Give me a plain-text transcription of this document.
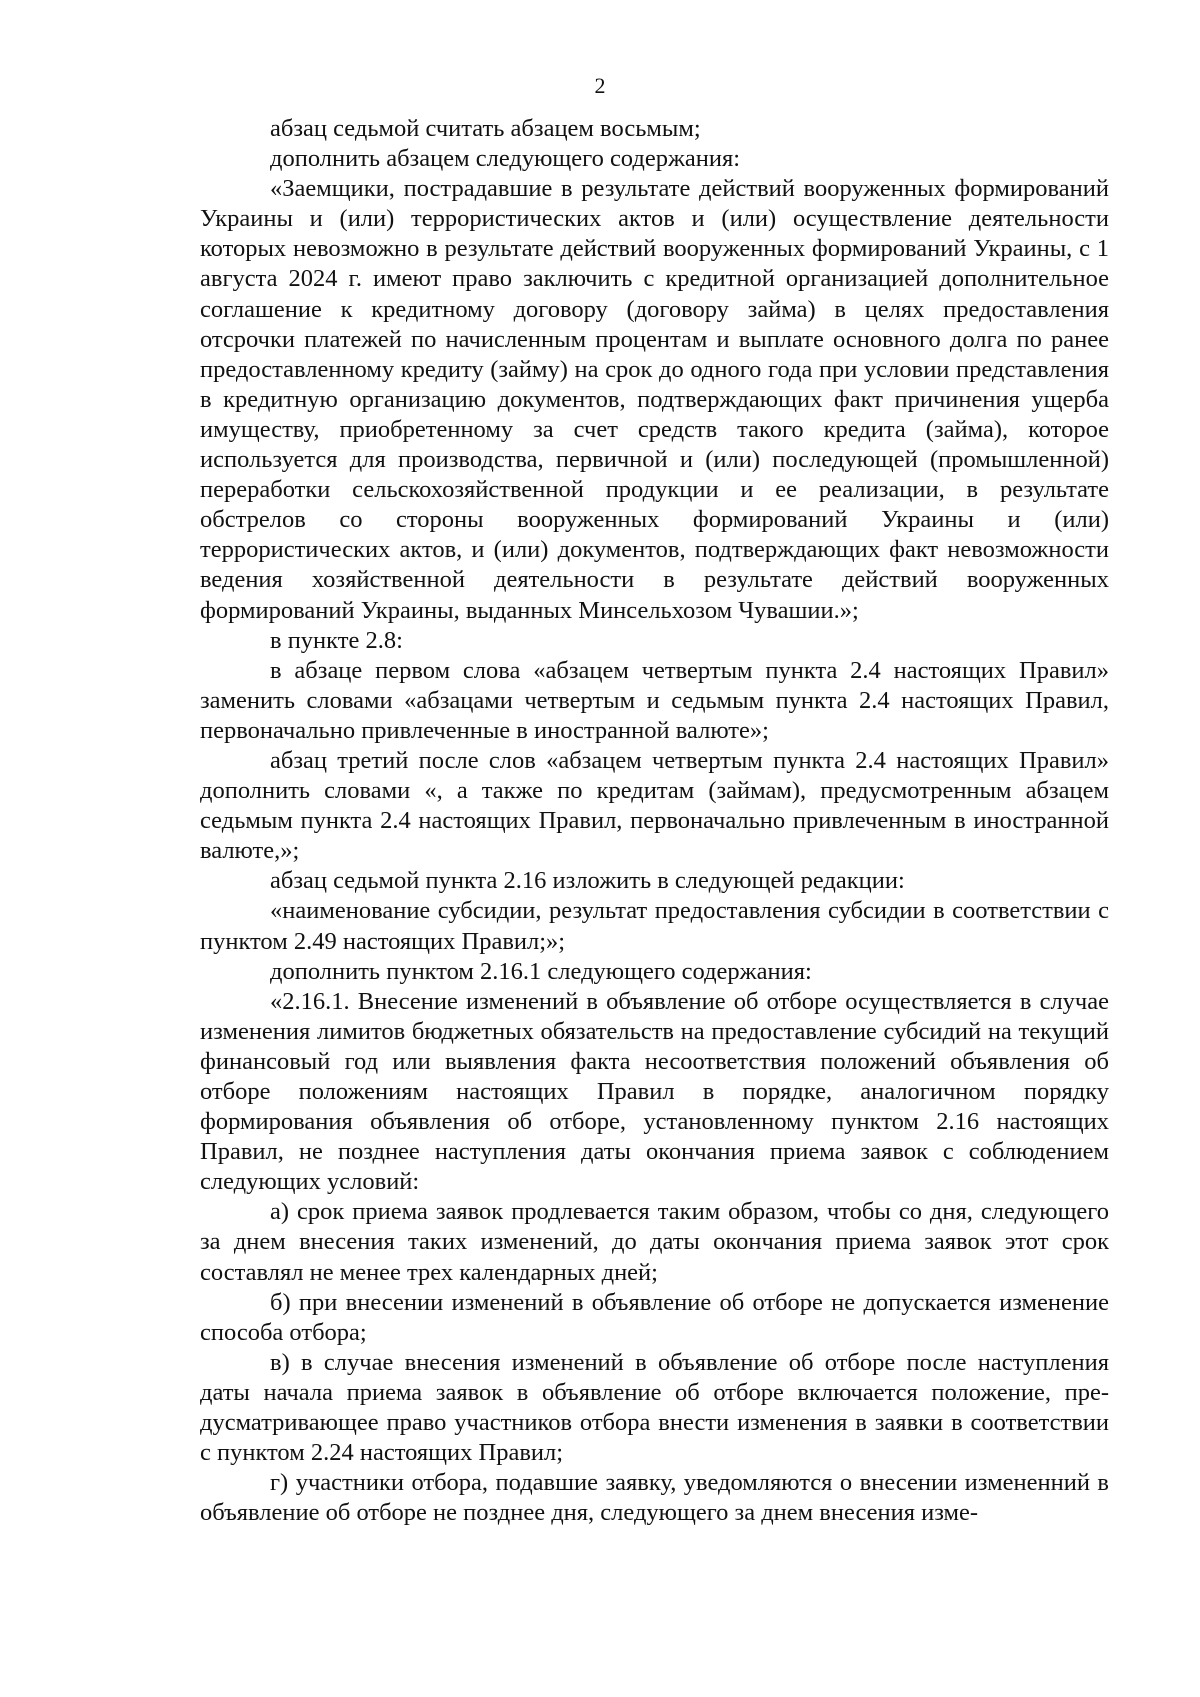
2

абзац седьмой считать абзацем восьмым;

дополнить абзацем следующего содержания:

«Заемщики, пострадавшие в результате действий вооруженных формирований Украины и (или) террористических актов и (или) осуществление деятельности которых невозможно в результате действий вооруженных формирований Украины, с 1 августа 2024 г. имеют право заключить с кредитной организацией дополнительное соглашение к кредитному договору (договору займа) в целях предоставления отсрочки платежей по начисленным процентам и выплате основного долга по ранее предоставленному кредиту (займу) на срок до одного года при условии представления в кредитную организацию документов, подтверждающих факт причинения ущерба имуществу, приобретенному за счет средств такого кредита (займа), которое используется для производства, первичной и (или) последующей (промышленной) переработки сельскохозяйственной продукции и ее реализации, в результате обстрелов со стороны вооруженных формирований Украины и (или) террористических актов, и (или) документов, подтверждающих факт невозможности ведения хозяйственной деятельности в результате действий вооруженных формирований Украины, выданных Минсельхозом Чувашии.»;

в пункте 2.8:

в абзаце первом слова «абзацем четвертым пункта 2.4 настоящих Правил» заменить словами «абзацами четвертым и седьмым пункта 2.4 настоящих Правил, первоначально привлеченные в иностранной валюте»;

абзац третий после слов «абзацем четвертым пункта 2.4 настоящих Правил» дополнить словами «, а также по кредитам (займам), предусмотренным абзацем седьмым пункта 2.4 настоящих Правил, первоначально привлеченным в иностранной валюте,»;

абзац седьмой пункта 2.16 изложить в следующей редакции:

«наименование субсидии, результат предоставления субсидии в соответствии с пунктом 2.49 настоящих Правил;»;

дополнить пунктом 2.16.1 следующего содержания:

«2.16.1. Внесение изменений в объявление об отборе осуществляется в случае изменения лимитов бюджетных обязательств на предоставление субсидий на текущий финансовый год или выявления факта несоответствия положений объявления об отборе положениям настоящих Правил в порядке, аналогичном порядку формирования объявления об отборе, установленному пунктом 2.16 настоящих Правил, не позднее наступления даты окончания приема заявок с соблюдением следующих условий:

а) срок приема заявок продлевается таким образом, чтобы со дня, следующего за днем внесения таких изменений, до даты окончания приема заявок этот срок составлял не менее трех календарных дней;

б) при внесении изменений в объявление об отборе не допускается изменение способа отбора;

в) в случае внесения изменений в объявление об отборе после наступления даты начала приема заявок в объявление об отборе включается положение, предусматривающее право участников отбора внести изменения в заявки в соответствии с пунктом 2.24 настоящих Правил;

г) участники отбора, подавшие заявку, уведомляются о внесении измененний в объявление об отборе не позднее дня, следующего за днем внесения изме-
